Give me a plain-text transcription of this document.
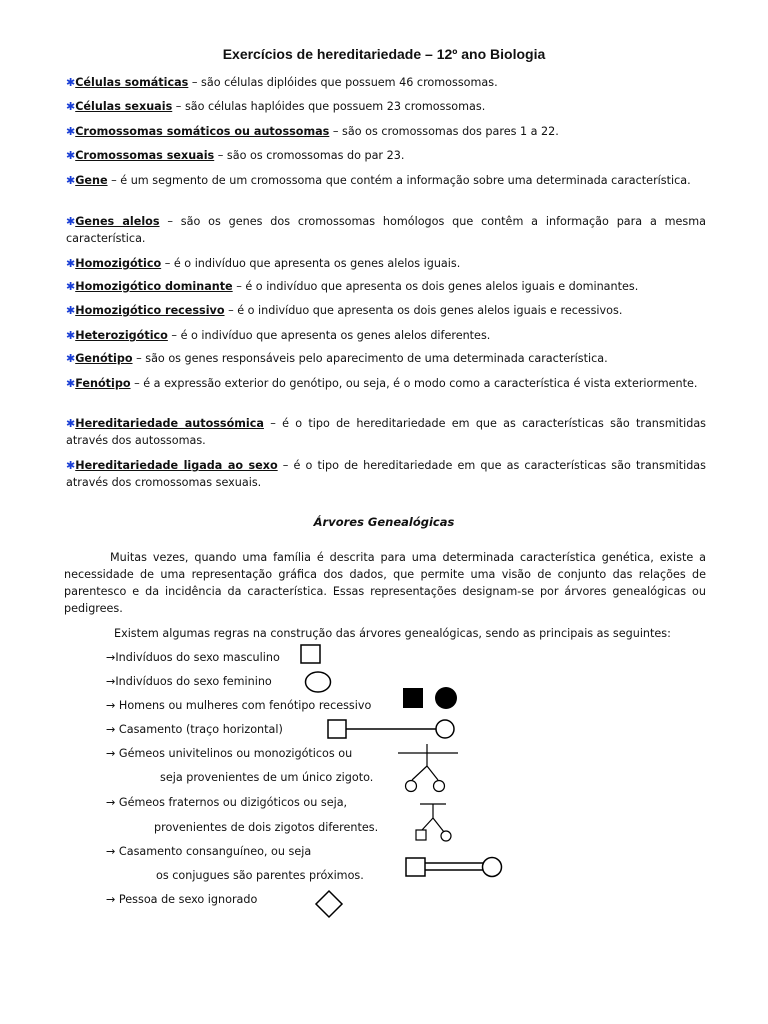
Exercícios de hereditariedade – 12º ano Biologia
✱Células somáticas – são células diplóides que possuem 46 cromossomas.
✱Células sexuais – são células haplóides que possuem 23 cromossomas.
✱Cromossomas somáticos ou autossomas – são os cromossomas dos pares 1 a 22.
✱Cromossomas sexuais – são os cromossomas do par 23.
✱Gene – é um segmento de um cromossoma que contém a informação sobre uma determinada característica.
✱Genes alelos – são os genes dos cromossomas homólogos que contêm a informação para a mesma característica.
✱Homozigótico – é o indivíduo que apresenta os genes alelos iguais.
✱Homozigótico dominante – é o indivíduo que apresenta os dois genes alelos iguais e dominantes.
✱Homozigótico recessivo – é o indivíduo que apresenta os dois genes alelos iguais e recessivos.
✱Heterozigótico – é o indivíduo que apresenta os genes alelos diferentes.
✱Genótipo – são os genes responsáveis pelo aparecimento de uma determinada característica.
✱Fenótipo – é a expressão exterior do genótipo, ou seja, é o modo como a característica é vista exteriormente.
✱Hereditariedade autossómica – é o tipo de hereditariedade em que as características são transmitidas através dos autossomas.
✱Hereditariedade ligada ao sexo – é o tipo de hereditariedade em que as características são transmitidas através dos cromossomas sexuais.
Árvores Genealógicas
Muitas vezes, quando uma família é descrita para uma determinada característica genética, existe a necessidade de uma representação gráfica dos dados, que permite uma visão de conjunto das relações de parentesco e da incidência da característica. Essas representações designam-se por árvores genealógicas ou pedigrees.
Existem algumas regras na construção das árvores genealógicas, sendo as principais as seguintes:
→Indivíduos do sexo masculino
→Indivíduos do sexo feminino
→ Homens ou mulheres com fenótipo recessivo
→ Casamento (traço horizontal)
→ Gémeos univitelinos ou monozigóticos ou
seja provenientes de um único zigoto.
→ Gémeos fraternos ou dizigóticos ou seja,
provenientes de dois zigotos diferentes.
→ Casamento consanguíneo, ou seja
os conjugues são parentes próximos.
→ Pessoa de sexo ignorado
